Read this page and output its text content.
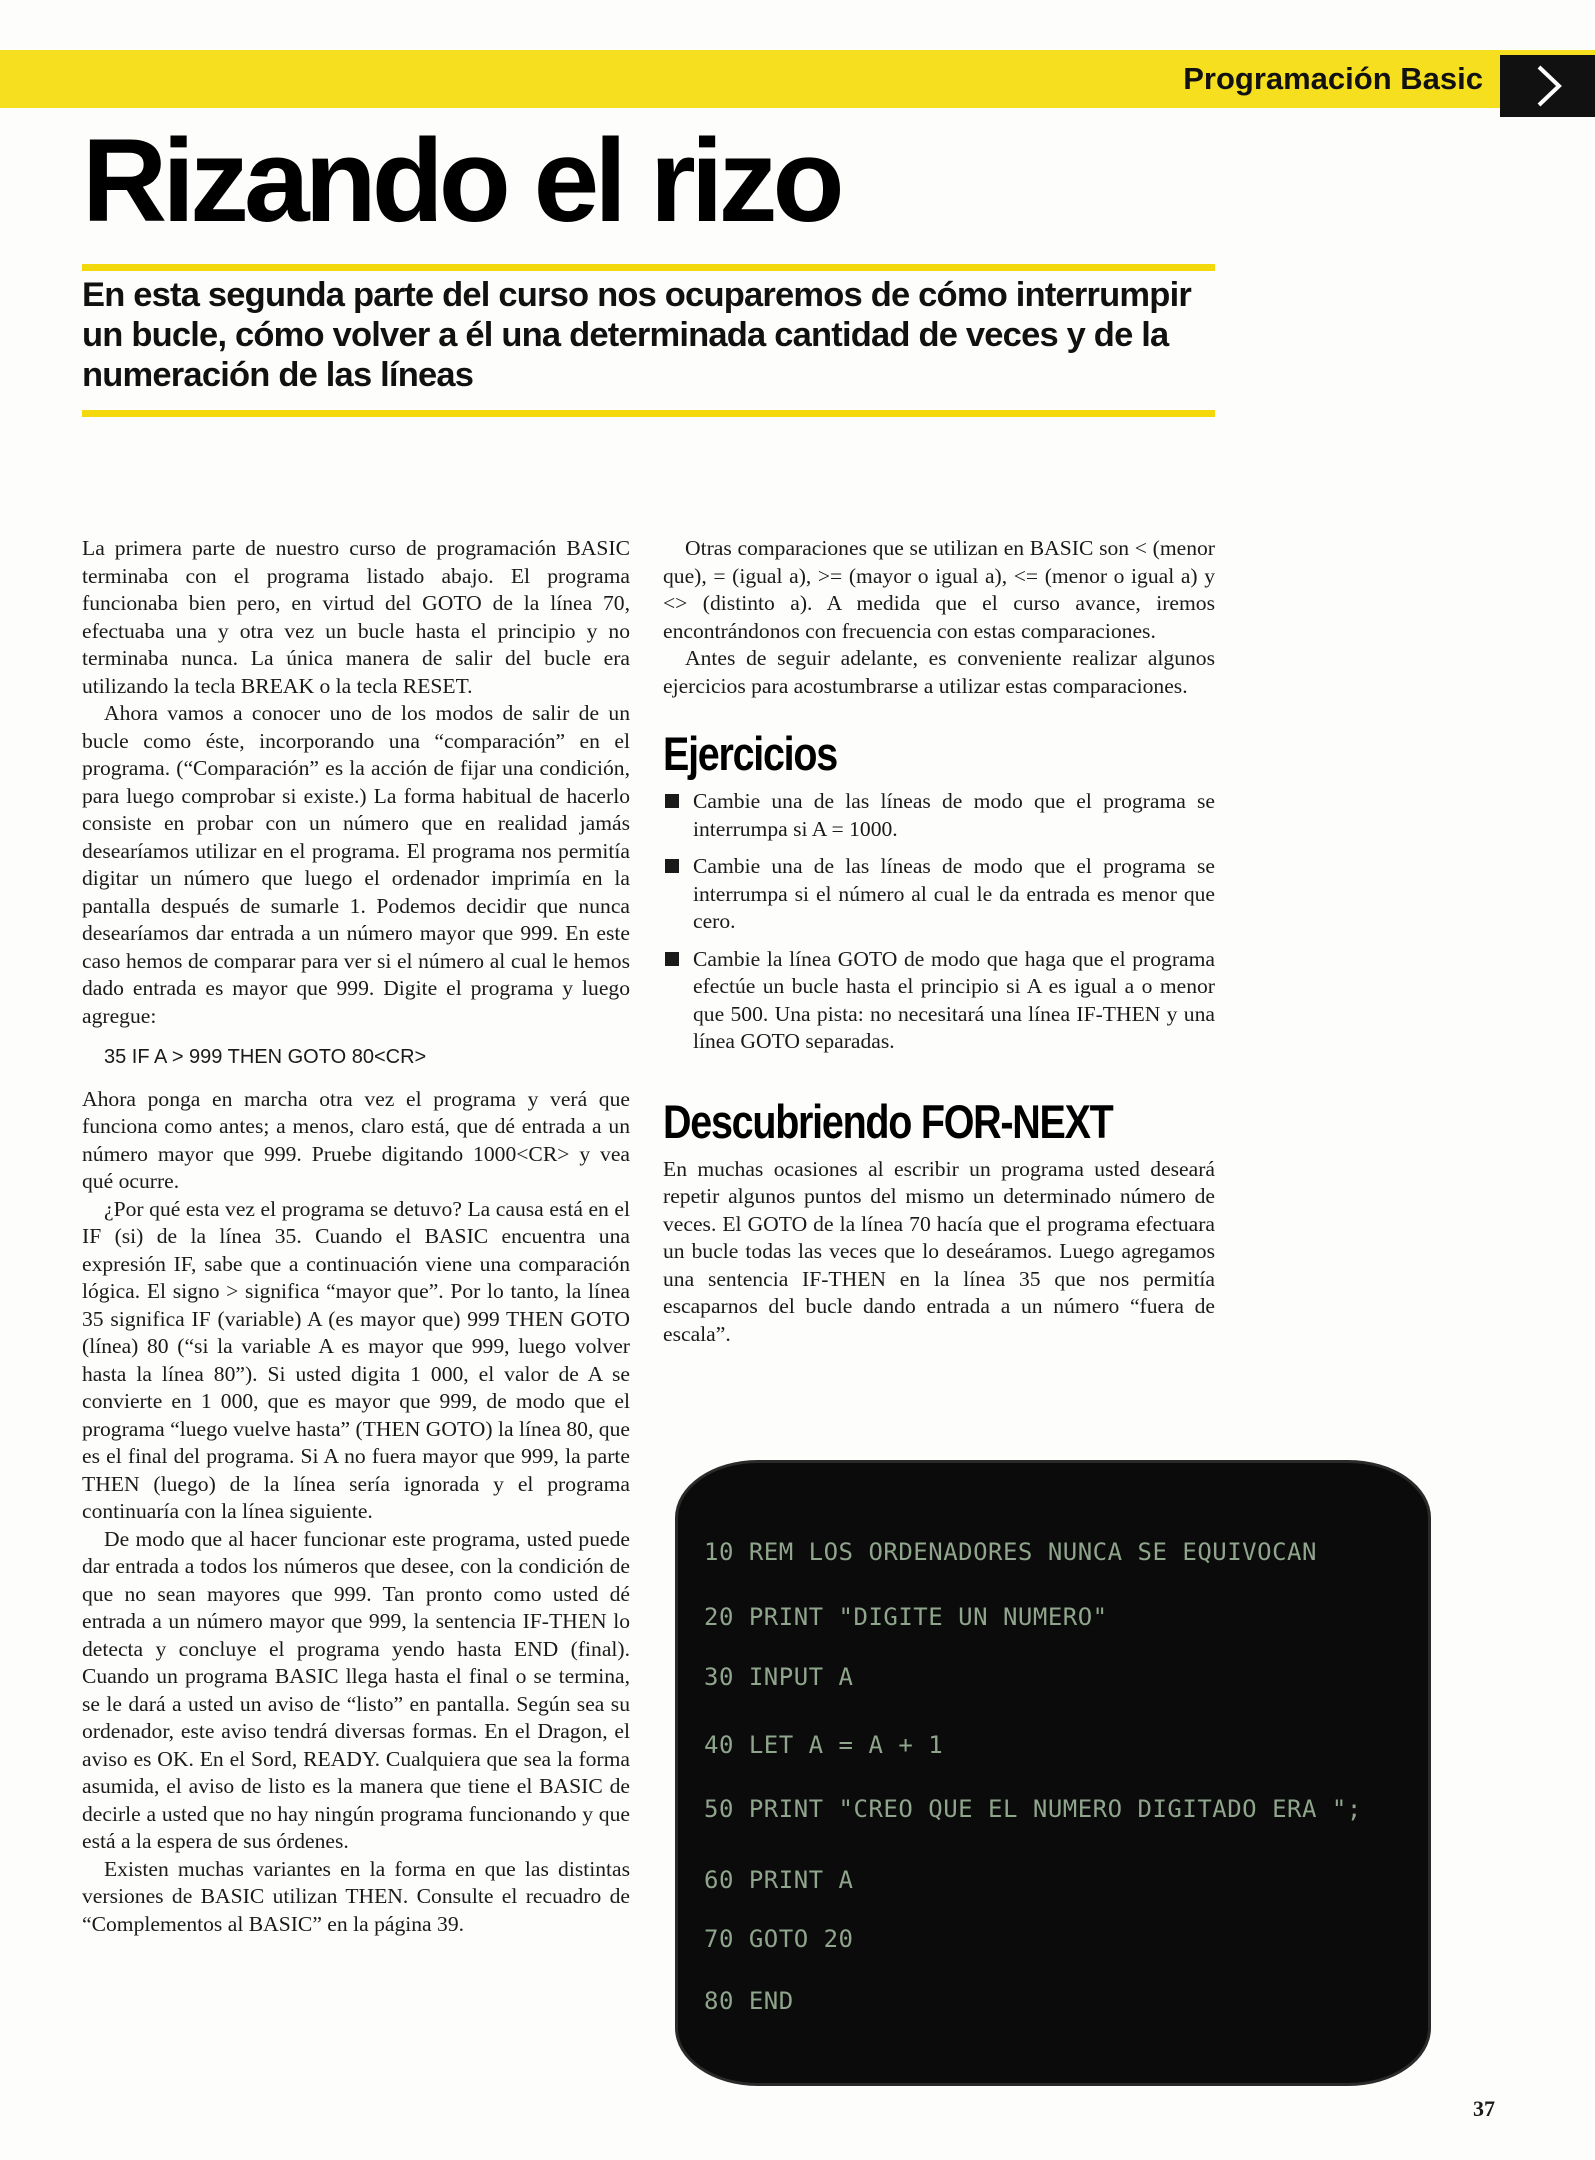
Programación Basic
Rizando el rizo

En esta segunda parte del curso nos ocuparemos de cómo interrumpir un bucle, cómo volver a él una determinada cantidad de veces y de la numeración de las líneas

La primera parte de nuestro curso de programación BASIC terminaba con el programa listado abajo. El programa funcionaba bien pero, en virtud del GOTO de la línea 70, efectuaba una y otra vez un bucle hasta el principio y no terminaba nunca. La única manera de salir del bucle era utilizando la tecla BREAK o la tecla RESET.

Ahora vamos a conocer uno de los modos de salir de un bucle como éste, incorporando una “comparación” en el programa. (“Comparación” es la acción de fijar una condición, para luego comprobar si existe.) La forma habitual de hacerlo consiste en probar con un número que en realidad jamás desearíamos utilizar en el programa. El programa nos permitía digitar un número que luego el ordenador imprimía en la pantalla después de sumarle 1. Podemos decidir que nunca desearíamos dar entrada a un número mayor que 999. En este caso hemos de comparar para ver si el número al cual le hemos dado entrada es mayor que 999. Digite el programa y luego agregue:

35 IF A > 999 THEN GOTO 80<CR>

Ahora ponga en marcha otra vez el programa y verá que funciona como antes; a menos, claro está, que dé entrada a un número mayor que 999. Pruebe digitando 1000<CR> y vea qué ocurre.

¿Por qué esta vez el programa se detuvo? La causa está en el IF (si) de la línea 35. Cuando el BASIC encuentra una expresión IF, sabe que a continuación viene una comparación lógica. El signo > significa “mayor que”. Por lo tanto, la línea 35 significa IF (variable) A (es mayor que) 999 THEN GOTO (línea) 80 (“si la variable A es mayor que 999, luego volver hasta la línea 80”). Si usted digita 1 000, el valor de A se convierte en 1 000, que es mayor que 999, de modo que el programa “luego vuelve hasta” (THEN GOTO) la línea 80, que es el final del programa. Si A no fuera mayor que 999, la parte THEN (luego) de la línea sería ignorada y el programa continuaría con la línea siguiente.

De modo que al hacer funcionar este programa, usted puede dar entrada a todos los números que desee, con la condición de que no sean mayores que 999. Tan pronto como usted dé entrada a un número mayor que 999, la sentencia IF-THEN lo detecta y concluye el programa yendo hasta END (final). Cuando un programa BASIC llega hasta el final o se termina, se le dará a usted un aviso de “listo” en pantalla. Según sea su ordenador, este aviso tendrá diversas formas. En el Dragon, el aviso es OK. En el Sord, READY. Cualquiera que sea la forma asumida, el aviso de listo es la manera que tiene el BASIC de decirle a usted que no hay ningún programa funcionando y que está a la espera de sus órdenes.

Existen muchas variantes en la forma en que las distintas versiones de BASIC utilizan THEN. Consulte el recuadro de “Complementos al BASIC” en la página 39.

Otras comparaciones que se utilizan en BASIC son < (menor que), = (igual a), >= (mayor o igual a), <= (menor o igual a) y <> (distinto a). A medida que el curso avance, iremos encontrándonos con frecuencia con estas comparaciones.

Antes de seguir adelante, es conveniente realizar algunos ejercicios para acostumbrarse a utilizar estas comparaciones.

Ejercicios

Cambie una de las líneas de modo que el programa se interrumpa si A = 1000.

Cambie una de las líneas de modo que el programa se interrumpa si el número al cual le da entrada es menor que cero.

Cambie la línea GOTO de modo que haga que el programa efectúe un bucle hasta el principio si A es igual a o menor que 500. Una pista: no necesitará una línea IF-THEN y una línea GOTO separadas.

Descubriendo FOR-NEXT

En muchas ocasiones al escribir un programa usted deseará repetir algunos puntos del mismo un determinado número de veces. El GOTO de la línea 70 hacía que el programa efectuara un bucle todas las veces que lo deseáramos. Luego agregamos una sentencia IF-THEN en la línea 35 que nos permitía escaparnos del bucle dando entrada a un número “fuera de escala”.

10 REM LOS ORDENADORES NUNCA SE EQUIVOCAN
20 PRINT "DIGITE UN NUMERO"
30 INPUT A
40 LET A = A + 1
50 PRINT "CREO QUE EL NUMERO DIGITADO ERA ";
60 PRINT A
70 GOTO 20
80 END
37
